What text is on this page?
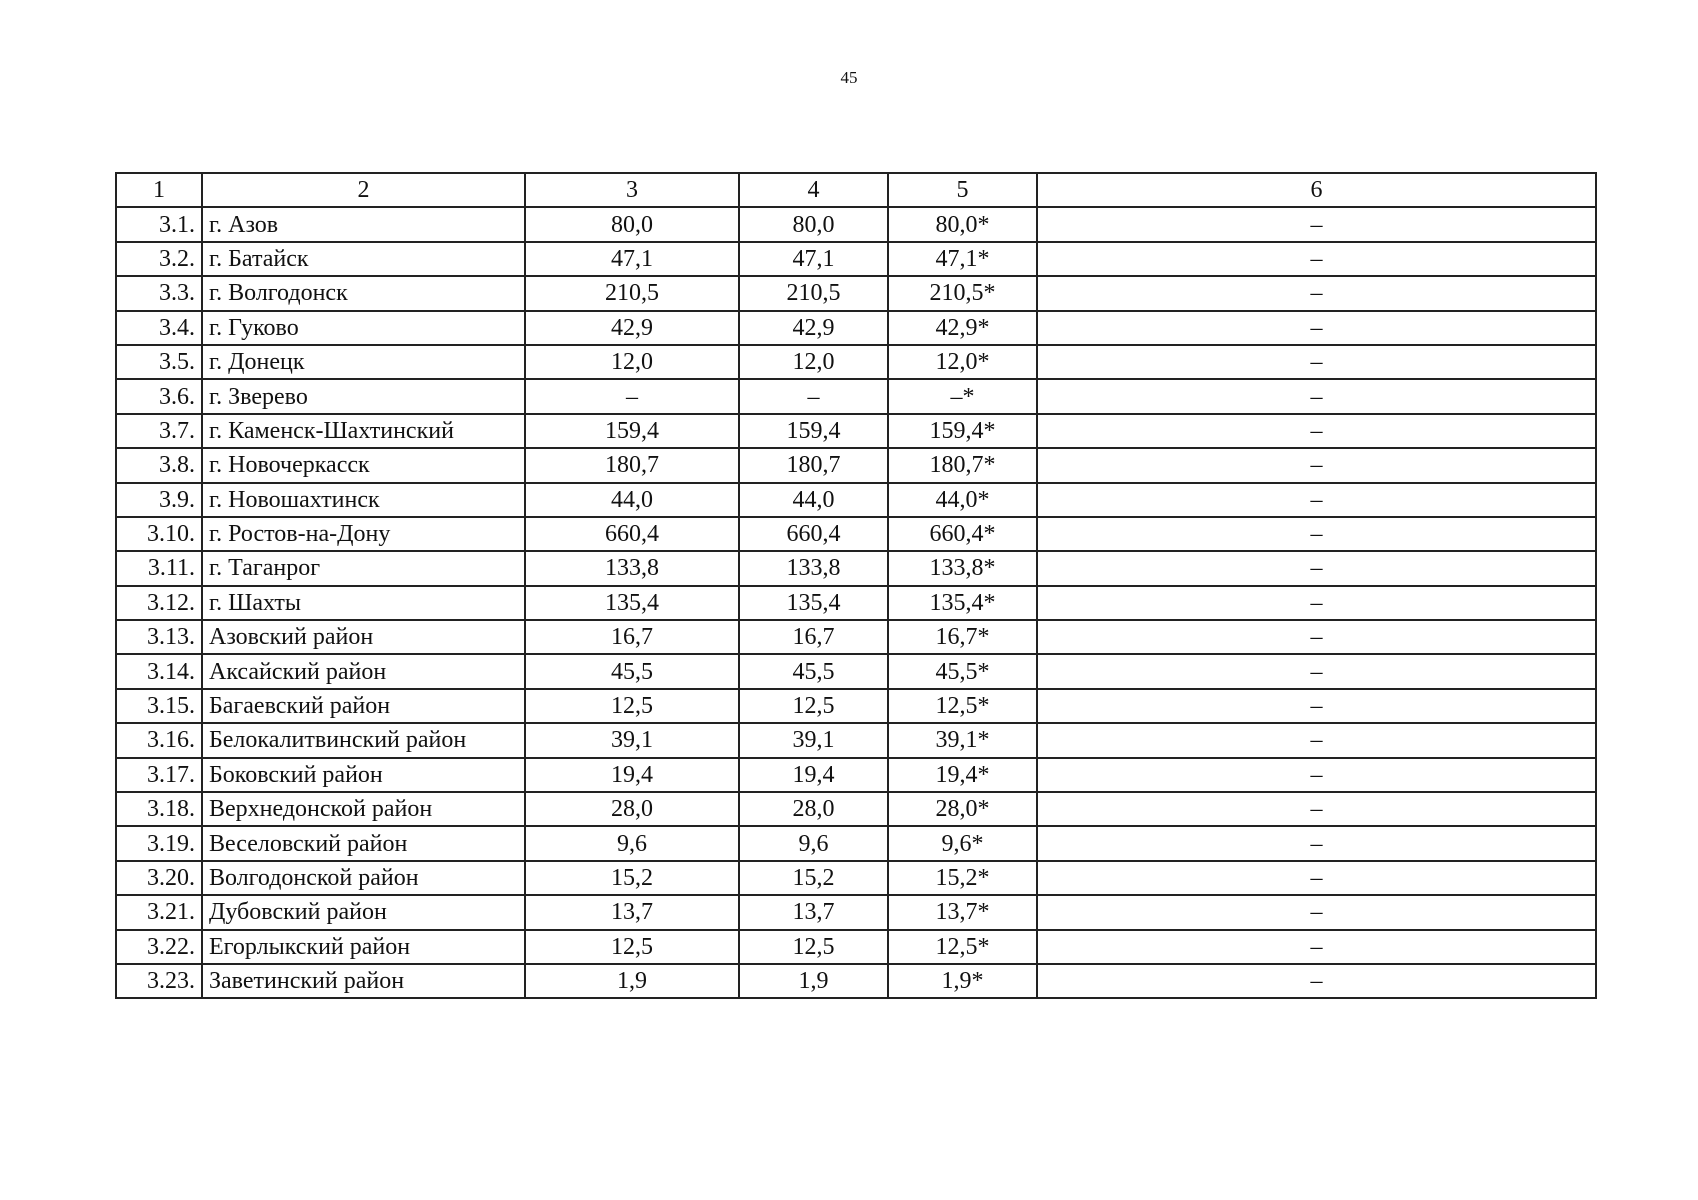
45
1	2	3	4	5	6
3.1.	г. Азов	80,0	80,0	80,0*	–
3.2.	г. Батайск	47,1	47,1	47,1*	–
3.3.	г. Волгодонск	210,5	210,5	210,5*	–
3.4.	г. Гуково	42,9	42,9	42,9*	–
3.5.	г. Донецк	12,0	12,0	12,0*	–
3.6.	г. Зверево	–	–	–*	–
3.7.	г. Каменск-Шахтинский	159,4	159,4	159,4*	–
3.8.	г. Новочеркасск	180,7	180,7	180,7*	–
3.9.	г. Новошахтинск	44,0	44,0	44,0*	–
3.10.	г. Ростов-на-Дону	660,4	660,4	660,4*	–
3.11.	г. Таганрог	133,8	133,8	133,8*	–
3.12.	г. Шахты	135,4	135,4	135,4*	–
3.13.	Азовский район	16,7	16,7	16,7*	–
3.14.	Аксайский район	45,5	45,5	45,5*	–
3.15.	Багаевский район	12,5	12,5	12,5*	–
3.16.	Белокалитвинский район	39,1	39,1	39,1*	–
3.17.	Боковский район	19,4	19,4	19,4*	–
3.18.	Верхнедонской район	28,0	28,0	28,0*	–
3.19.	Веселовский район	9,6	9,6	9,6*	–
3.20.	Волгодонской район	15,2	15,2	15,2*	–
3.21.	Дубовский район	13,7	13,7	13,7*	–
3.22.	Егорлыкский район	12,5	12,5	12,5*	–
3.23.	Заветинский район	1,9	1,9	1,9*	–
